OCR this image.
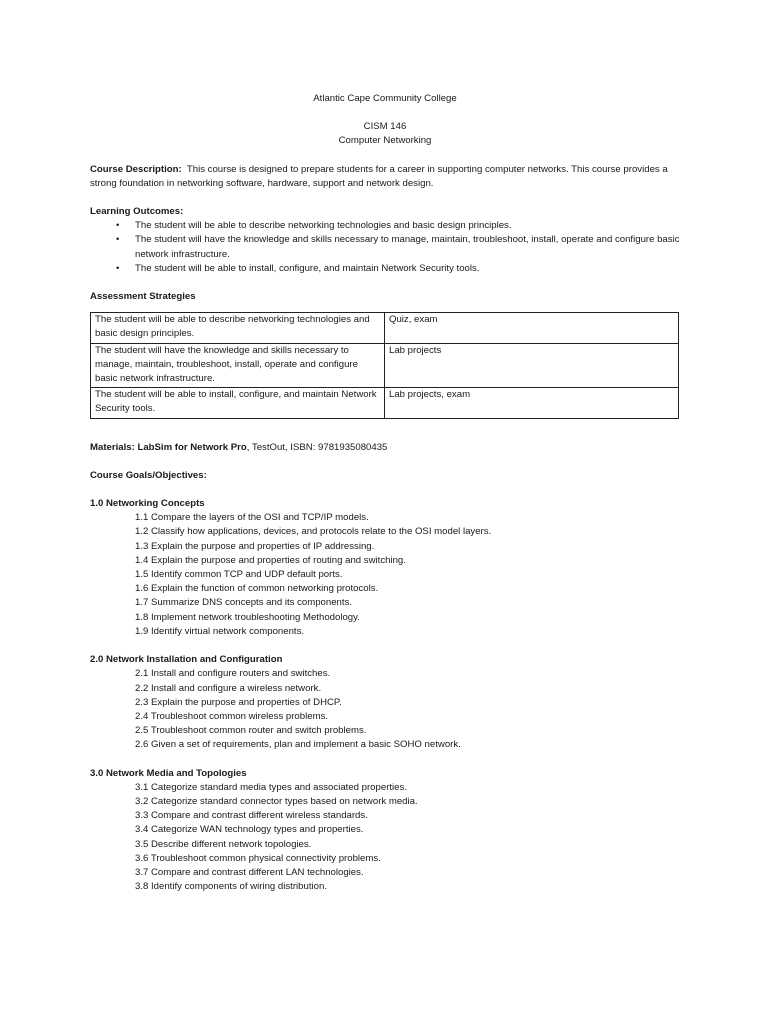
Atlantic Cape Community College
CISM 146
Computer Networking

Course Description: This course is designed to prepare students for a career in supporting computer networks. This course provides a strong foundation in networking software, hardware, support and network design.

Learning Outcomes:
• The student will be able to describe networking technologies and basic design principles.
• The student will have the knowledge and skills necessary to manage, maintain, troubleshoot, install, operate and configure basic network infrastructure.
• The student will be able to install, configure, and maintain Network Security tools.
Assessment Strategies
The student will be able to describe networking technologies and basic design principles.	Quiz, exam
The student will have the knowledge and skills necessary to manage, maintain, troubleshoot, install, operate and configure basic network infrastructure.	Lab projects
The student will be able to install, configure, and maintain Network Security tools.	Lab projects, exam

Materials: LabSim for Network Pro, TestOut, ISBN: 9781935080435

Course Goals/Objectives:
1.0 Networking Concepts
1.1 Compare the layers of the OSI and TCP/IP models.
1.2 Classify how applications, devices, and protocols relate to the OSI model layers.
1.3 Explain the purpose and properties of IP addressing.
1.4 Explain the purpose and properties of routing and switching.
1.5 Identify common TCP and UDP default ports.
1.6 Explain the function of common networking protocols.
1.7 Summarize DNS concepts and its components.
1.8 Implement network troubleshooting Methodology.
1.9 Identify virtual network components.
2.0 Network Installation and Configuration
2.1 Install and configure routers and switches.
2.2 Install and configure a wireless network.
2.3 Explain the purpose and properties of DHCP.
2.4 Troubleshoot common wireless problems.
2.5 Troubleshoot common router and switch problems.
2.6 Given a set of requirements, plan and implement a basic SOHO network.
3.0 Network Media and Topologies
3.1 Categorize standard media types and associated properties.
3.2 Categorize standard connector types based on network media.
3.3 Compare and contrast different wireless standards.
3.4 Categorize WAN technology types and properties.
3.5 Describe different network topologies.
3.6 Troubleshoot common physical connectivity problems.
3.7 Compare and contrast different LAN technologies.
3.8 Identify components of wiring distribution.
